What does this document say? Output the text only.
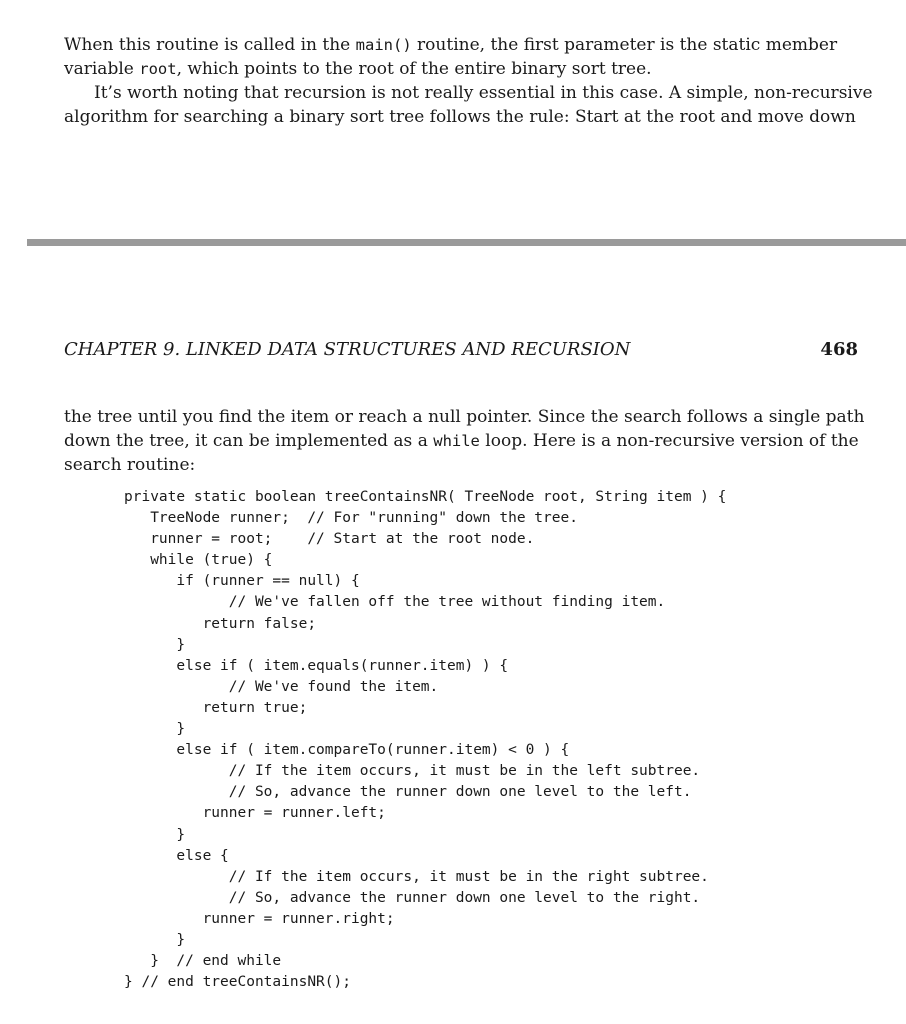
When this routine is called in the main() routine, the first parameter is the static member
variable root, which points to the root of the entire binary sort tree.
It’s worth noting that recursion is not really essential in this case. A simple, non-recursive
algorithm for searching a binary sort tree follows the rule: Start at the root and move down
CHAPTER 9. LINKED DATA STRUCTURES AND RECURSION	468
the tree until you find the item or reach a null pointer. Since the search follows a single path
down the tree, it can be implemented as a while loop. Here is a non-recursive version of the
search routine:
private static boolean treeContainsNR( TreeNode root, String item ) {
TreeNode runner;  // For "running" down the tree.
runner = root;    // Start at the root node.
while (true) {
if (runner == null) {
// We've fallen off the tree without finding item.
return false;
}
else if ( item.equals(runner.item) ) {
// We've found the item.
return true;
}
else if ( item.compareTo(runner.item) < 0 ) {
// If the item occurs, it must be in the left subtree.
// So, advance the runner down one level to the left.
runner = runner.left;
}
else {
// If the item occurs, it must be in the right subtree.
// So, advance the runner down one level to the right.
runner = runner.right;
}
}  // end while
} // end treeContainsNR();
